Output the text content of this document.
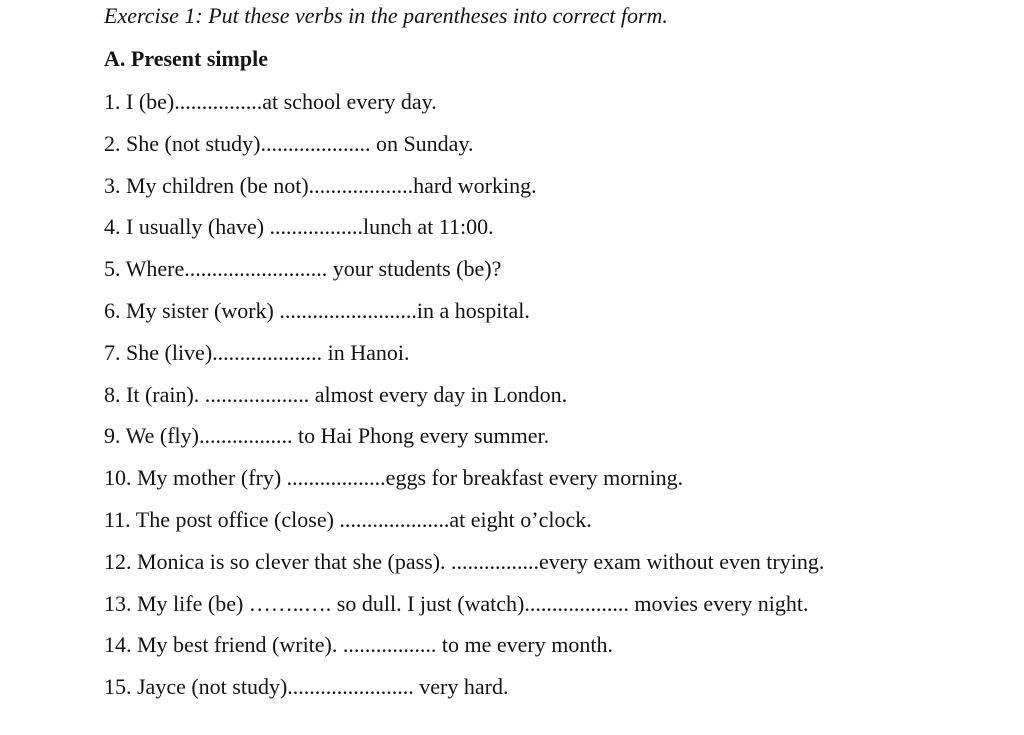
Exercise 1: Put these verbs in the parentheses into correct form.
A. Present simple
1. I (be)................at school every day.
2. She (not study).................... on Sunday.
3. My children (be not)...................hard working.
4. I usually (have) .................lunch at 11:00.
5. Where.......................... your students (be)?
6. My sister (work) .........................in a hospital.
7. She (live).................... in Hanoi.
8. It (rain). ................... almost every day in London.
9. We (fly)................. to Hai Phong every summer.
10. My mother (fry) ..................eggs for breakfast every morning.
11. The post office (close) ....................at eight o’clock.
12. Monica is so clever that she (pass). ................every exam without even trying.
13. My life (be) ……..…. so dull. I just (watch)................... movies every night.
14. My best friend (write). ................. to me every month.
15. Jayce (not study)....................... very hard.
